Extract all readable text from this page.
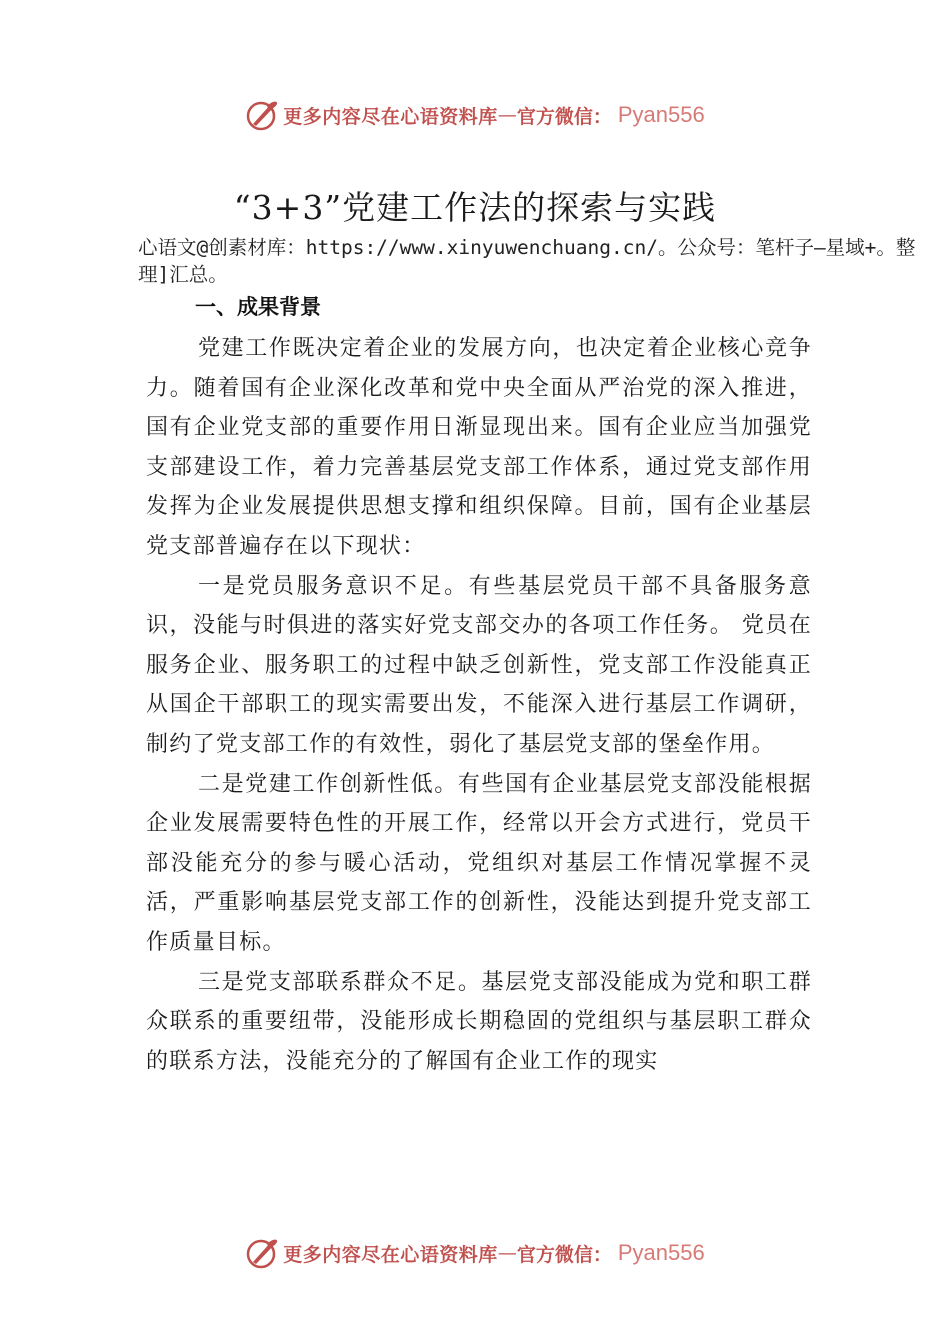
更多内容尽在心语资料库 — 官方微信： Pyan556
“3+3”党建工作法的探索与实践
心语文@创素材库：https://www.xinyuwenchuang.cn/。公众号：笔杆子—星域+。整理]汇总。
一、成果背景

党建工作既决定着企业的发展方向，也决定着企业核心竞争力。随着国有企业深化改革和党中央全面从严治党的深入推进，国有企业党支部的重要作用日渐显现出来。国有企业应当加强党支部建设工作，着力完善基层党支部工作体系，通过党支部作用发挥为企业发展提供思想支撑和组织保障。目前，国有企业基层党支部普遍存在以下现状：

一是党员服务意识不足。有些基层党员干部不具备服务意识，没能与时俱进的落实好党支部交办的各项工作任务。 党员在服务企业、服务职工的过程中缺乏创新性，党支部工作没能真正从国企干部职工的现实需要出发，不能深入进行基层工作调研，制约了党支部工作的有效性，弱化了基层党支部的堡垒作用。

二是党建工作创新性低。有些国有企业基层党支部没能根据企业发展需要特色性的开展工作，经常以开会方式进行，党员干部没能充分的参与暖心活动，党组织对基层工作情况掌握不灵活，严重影响基层党支部工作的创新性，没能达到提升党支部工作质量目标。

三是党支部联系群众不足。基层党支部没能成为党和职工群众联系的重要纽带，没能形成长期稳固的党组织与基层职工群众的联系方法，没能充分的了解国有企业工作的现实

更多内容尽在心语资料库 — 官方微信： Pyan556
